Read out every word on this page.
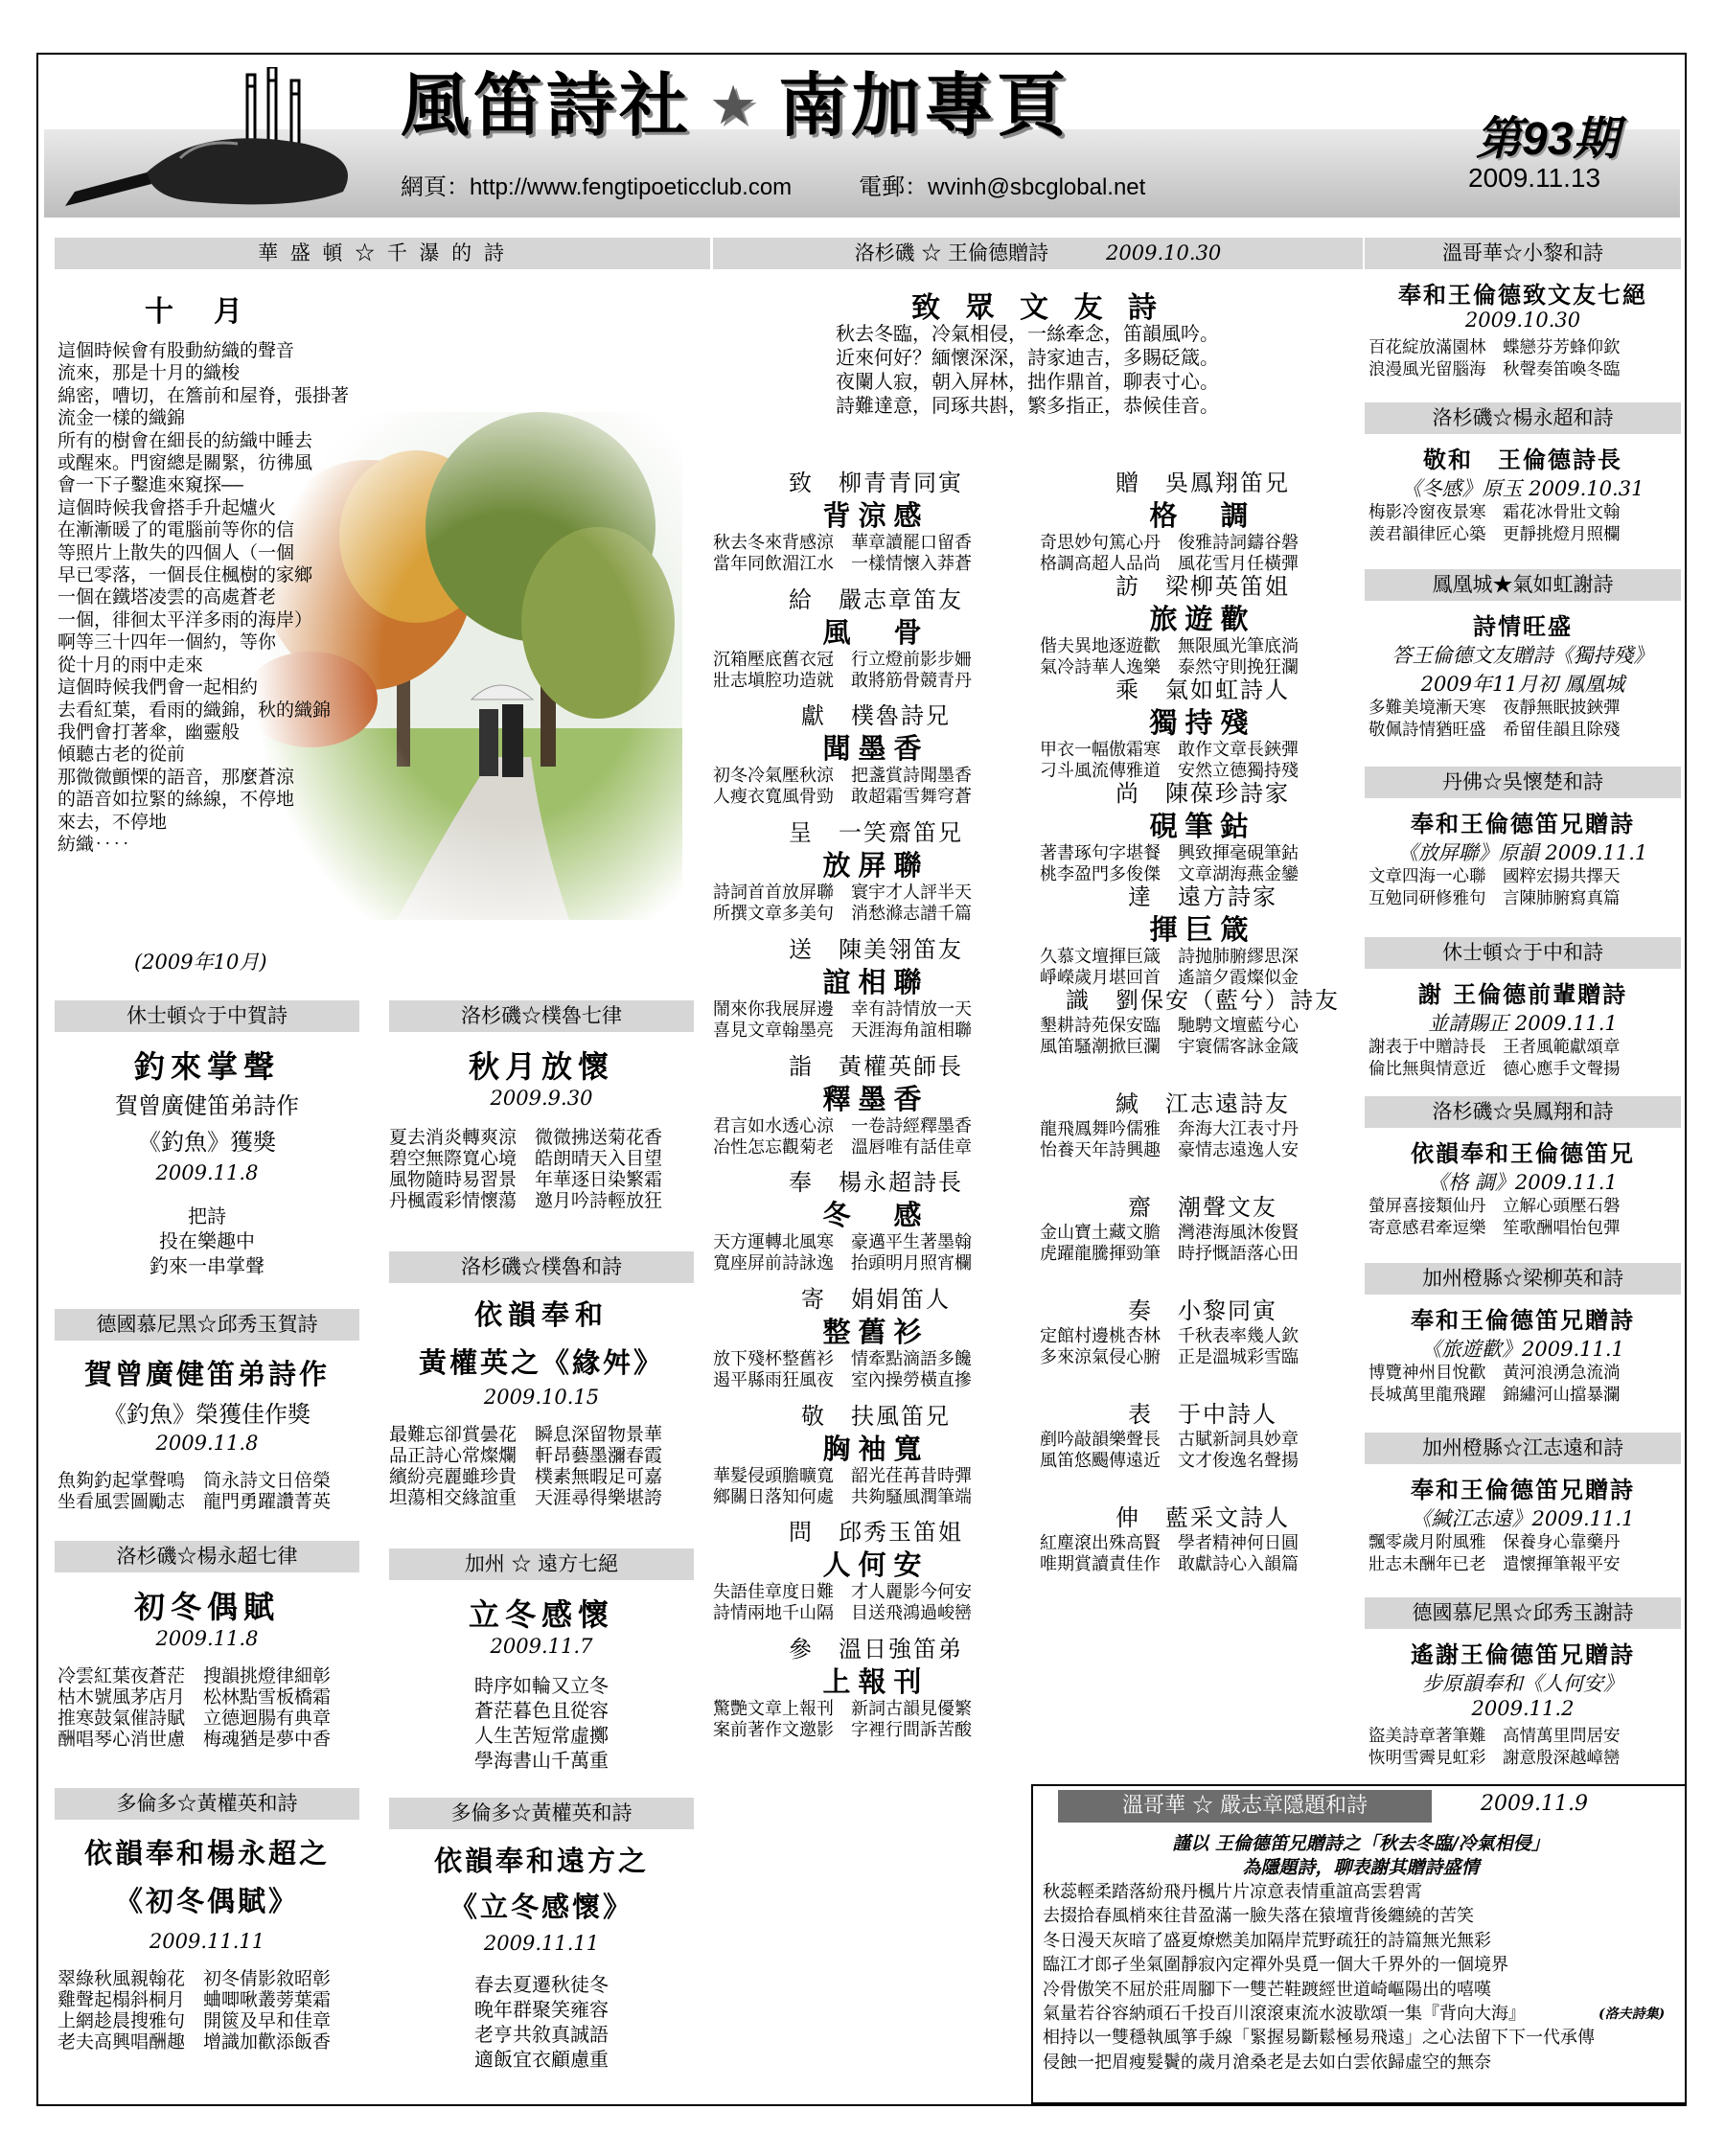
風笛詩社 ★ 南加專頁
網頁：http://www.fengtipoeticclub.com	電郵：wvinh@sbcglobal.net
第93期
2009.11.13
華 盛 頓 ☆ 千 瀑 的 詩
十　月
這個時候會有股動紡織的聲音
流來，那是十月的織梭
綿密，嘈切，在簷前和屋脊，張掛著
流金一樣的織錦
所有的樹會在細長的紡織中睡去
或醒來。門窗總是關緊，彷彿風
會一下子鑿進來窺探——
這個時候我會搭手升起爐火
在漸漸暖了的電腦前等你的信
等照片上散失的四個人（一個
早已零落，一個長住楓樹的家鄉
一個在鐵塔凌雲的高處蒼老
一個，徘徊太平洋多雨的海岸）
啊等三十四年一個約，等你
從十月的雨中走來
這個時候我們會一起相約
去看紅葉，看雨的織錦，秋的織錦
我們會打著傘，幽靈般
傾聽古老的從前
那微微顫慄的語音，那麼蒼涼
的語音如拉緊的絲線，不停地
來去，不停地
紡織‥‥
(2009年10月)
休士頓☆于中賀詩
釣來掌聲
賀曾廣健笛弟詩作
《釣魚》獲獎
2009.11.8
把詩
投在樂趣中
釣來一串掌聲
德國慕尼黑☆邱秀玉賀詩
賀曾廣健笛弟詩作
《釣魚》榮獲佳作獎
2009.11.8
魚夠釣起掌聲鳴　筒永詩文日倍榮
坐看風雲圖勵志　龍門勇躍讚菁英
洛杉磯☆楊永超七律
初冬偶賦
2009.11.8
冷雲紅葉夜蒼茫　搜韻挑燈律細彰
枯木號風茅店月　松林點雪板橋霜
推寒鼓氣催詩賦　立德迴腸有典章
酬唱琴心消世慮　梅魂猶是夢中香
多倫多☆黃權英和詩
依韻奉和楊永超之
《初冬偶賦》
2009.11.11
翠綠秋風親翰花　初冬倩影敘昭彰
雞聲起榻斜桐月　蛐唧啾叢蒡葉霜
上網趁晨搜雅句　開篋及早和佳章
老夫高興唱酬趣　增識加歡添飯香
洛杉磯☆樸魯七律
秋月放懷
2009.9.30
夏去消炎轉爽涼　微微拂送菊花香
碧空無際寬心境　皓朗晴天入目望
風物隨時易習景　年華逐日染繁霜
丹楓霞彩情懷蕩　邀月吟詩輕放狂
洛杉磯☆樸魯和詩
依韻奉和
黃權英之《緣舛》
2009.10.15
最難忘卻賞曇花　瞬息深留物景華
品正詩心常燦爛　軒昂藝墨瀰春霞
繽紛亮麗雖珍貴　樸素無暇足可嘉
坦蕩相交緣誼重　天涯尋得樂堪誇
加州 ☆ 遠方七絕
立冬感懷
2009.11.7
時序如輪又立冬
蒼茫暮色且從容
人生苦短常虛擲
學海書山千萬重
多倫多☆黃權英和詩
依韻奉和遠方之
《立冬感懷》
2009.11.11
春去夏遷秋徒冬
晚年群聚笑雍容
老亨共敘真誠語
適飯宜衣顧慮重
洛杉磯 ☆ 王倫德贈詩	2009.10.30
致 眾 文 友 詩
秋去冬臨，冷氣相侵，一絲牽念，笛韻風吟。
近來何好？緬懷深深，詩家迪吉，多賜砭箴。
夜闌人寂，朝入屏林，拙作鼎首，聊表寸心。
詩難達意，同琢共斟，繁多指正，恭候佳音。
致　柳青青同寅
背涼感
秋去冬來背感涼　華章讀罷口留香
當年同飲湄江水　一樣情懷入莽蒼
給　嚴志章笛友
風　骨
沉箱壓底舊衣冠　行立燈前影步姍
壯志塡腔功造就　敢將筋骨競青丹
獻　樸魯詩兄
聞墨香
初冬冷氣壓秋涼　把盞賞詩聞墨香
人瘦衣寬風骨勁　敢超霜雪舞穹蒼
呈　一笑齋笛兄
放屏聯
詩詞首首放屏聯　寰宇才人評半天
所撰文章多美句　消愁滌志譜千篇
送　陳美翎笛友
誼相聯
鬧來你我展屏邊　幸有詩情放一天
喜見文章翰墨亮　天涯海角誼相聯
詣　黃權英師長
釋墨香
君言如水透心涼　一卷詩經釋墨香
冶性怎忘觀菊老　溫唇唯有話佳章
奉　楊永超詩長
冬　感
天方運轉北風寒　豪邁平生著墨翰
寬座屏前詩詠逸　抬頭明月照宵欄
寄　娟娟笛人
整舊衫
放下殘杯整舊衫　情牽點滴語多饞
遏平縣雨狂風夜　室內操勞橫直摻
敬　扶風笛兄
胸袖寬
華髮侵頭膽曠寬　韶光荏苒昔時彈
鄉關日落知何處　共夠騷風潤筆端
問　邱秀玉笛姐
人何安
失語佳章度日難　才人麗影今何安
詩情兩地千山隔　目送飛鴻過峻巒
參　溫日強笛弟
上報刊
驚艷文章上報刊　新詞古韻見優繁
案前著作文邀影　字裡行間訴苦酸
贈　吳鳳翔笛兄
格　調
奇思妙句篤心丹　俊雅詩詞鑄谷磐
格調高超人品尚　風花雪月任橫彈
訪　梁柳英笛姐
旅遊歡
偕夫異地逐遊歡　無限風光筆底淌
氣冷詩華人逸樂　泰然守則挽狂瀾
乘　氣如虹詩人
獨持殘
甲衣一幅傲霜寒　敢作文章長鋏彈
刁斗風流傳雅道　安然立德獨持殘
尚　陳葆珍詩家
硯筆鈷
著書琢句字堪餐　興致揮毫硯筆鈷
桃李盈門多俊傑　文章湖海燕金鑾
達　遠方詩家
揮巨箴
久慕文壇揮巨箴　詩抛肺腑繆思深
崢嶸歲月堪回首　遙諳夕霞燦似金
識　劉保安（藍兮）詩友
墾耕詩苑保安臨　馳騁文壇藍兮心
風笛騷潮掀巨瀾　宇寰儒客詠金箴
緘　江志遠詩友
龍飛鳳舞吟儒雅　奔海大江表寸丹
怡養天年詩興趣　豪情志遠逸人安
齋　潮聲文友
金山寶土藏文膽　灣港海風沐俊賢
虎躍龍騰揮勁筆　時抒慨語落心田
奏　小黎同寅
定館村邊桃杏林　千秋表率幾人欽
多來涼氣侵心腑　正是溫城彩雪臨
表　于中詩人
剷吟敲韻樂聲長　古賦新詞具妙章
風笛悠颺傳遠近　文才俊逸名聲揚
伸　藍采文詩人
紅塵滾出殊高賢　學者精神何日圓
唯期賞讀責佳作　敢獻詩心入韻篇
溫哥華☆小黎和詩
奉和王倫德致文友七絕
2009.10.30
百花綻放滿園林　蝶戀芬芳蜂仰欽
浪漫風光留腦海　秋聲奏笛喚冬臨
洛杉磯☆楊永超和詩
敬和　王倫德詩長
《冬感》原玉 2009.10.31
梅影冷窗夜景寒　霜花冰骨壯文翰
羨君韻律匠心築　更靜挑燈月照欄
鳳凰城★氣如虹謝詩
詩情旺盛
答王倫德文友贈詩《獨持殘》
2009年11月初 鳳凰城
多難美境漸天寒　夜靜無眠披鋏彈
敬佩詩情猶旺盛　希留佳韻且除殘
丹佛☆吳懷楚和詩
奉和王倫德笛兄贈詩
《放屏聯》原韻 2009.11.1
文章四海一心聯　國粹宏揚共擇天
互勉同研修雅句　言陳肺腑寫真篇
休士頓☆于中和詩
謝 王倫德前輩贈詩
並請賜正 2009.11.1
謝表于中贈詩長　王者風範獻頌章
倫比無與情意近　德心應手文聲揚
洛杉磯☆吳鳳翔和詩
依韻奉和王倫德笛兄
《格 調》2009.11.1
螢屏喜接類仙丹　立解心頭壓石磐
寄意感君牽逗樂　笙歌酬唱怡包彈
加州橙縣☆梁柳英和詩
奉和王倫德笛兄贈詩
《旅遊歡》2009.11.1
博覽神州目悅歡　黃河浪湧急流淌
長城萬里龍飛躍　錦繡河山擋暴瀾
加州橙縣☆江志遠和詩
奉和王倫德笛兄贈詩
《緘江志遠》2009.11.1
飄零歲月附風雅　保養身心靠藥丹
壯志未酬年已老　遣懷揮筆報平安
德國慕尼黑☆邱秀玉謝詩
遙謝王倫德笛兄贈詩
步原韻奉和《人何安》
2009.11.2
盜美詩章著筆難　高情萬里問居安
恢明雪霽見虹彩　謝意殷深越嶂巒
溫哥華 ☆ 嚴志章隱題和詩	2009.11.9
謹以 王倫德笛兄贈詩之「秋去冬臨/冷氣相侵」
為隱題詩，聊表謝其贈詩盛情
秋蕊輕柔踏落紛飛丹楓片片凉意表情重誼高雲碧霄
去掇拾春風梢來往昔盈滿一臉失落在猿壇背後纏繞的苦笑
冬日漫天灰暗了盛夏燎燃美加隔岸荒野疏狂的詩篇無光無彩
臨江才郎孑坐氣圍靜寂內定禪外吳覓一個大千界外的一個境界
冷骨傲笑不屈於莊周腳下一雙芒鞋踱經世道崎嶇陽出的嘻嘆
氣量若谷容納頑石千投百川滾滾東流水波歇頌一集『背向大海』
相持以一雙穩執風箏手線「緊握易斷鬆極易飛遠」之心法留下下一代承傳
侵蝕一把眉瘦髮鬢的歲月滄桑老是去如白雲依歸虛空的無奈
(洛夫詩集)
